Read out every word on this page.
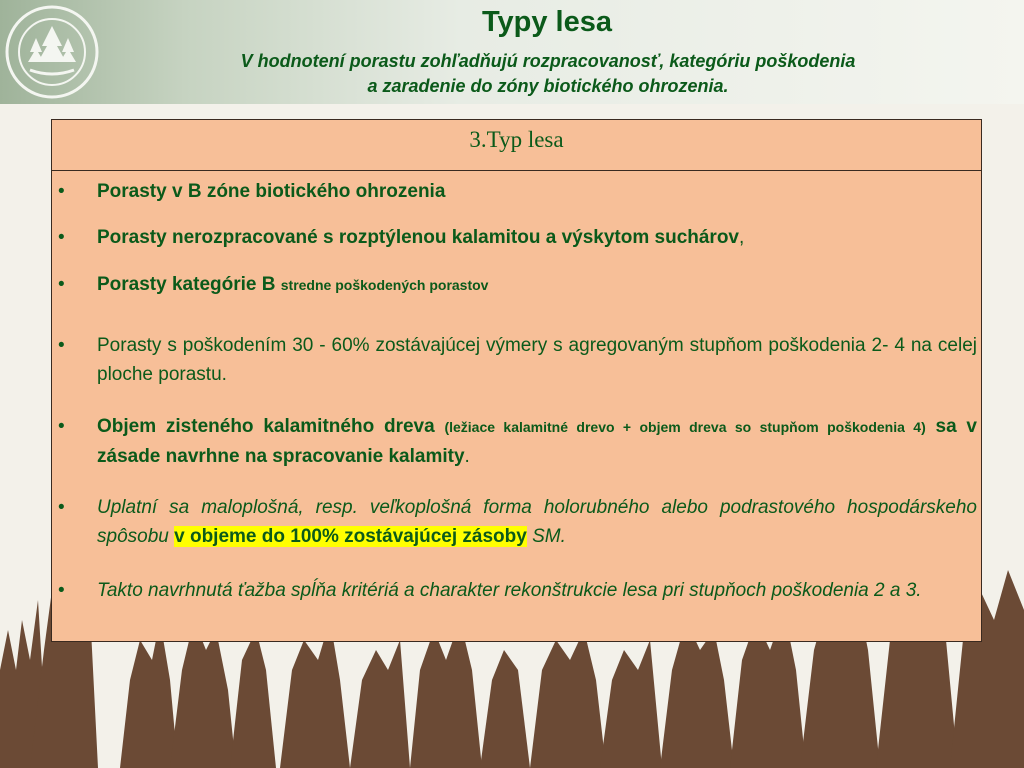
Typy lesa
V hodnotení porastu zohľadňujú rozpracovanosť, kategóriu poškodenia
a zaradenie do zóny biotického ohrozenia.
3.Typ lesa
• Porasty v B zóne biotického ohrozenia
• Porasty nerozpracované s rozptýlenou kalamitou a výskytom suchárov,
• Porasty kategórie B stredne poškodených porastov
• Porasty s poškodením 30 - 60% zostávajúcej výmery s agregovaným stupňom poškodenia 2- 4 na celej ploche porastu.
• Objem zisteného kalamitného dreva (ležiace kalamitné drevo + objem dreva so stupňom poškodenia 4) sa v zásade navrhne na spracovanie kalamity.
• Uplatní sa maloplošná, resp. veľkoplošná forma holorubného alebo podrastového hospodárskeho spôsobu v objeme do 100% zostávajúcej zásoby SM.
• Takto navrhnutá ťažba spĺňa kritériá a charakter rekonštrukcie lesa pri stupňoch poškodenia 2 a 3.
